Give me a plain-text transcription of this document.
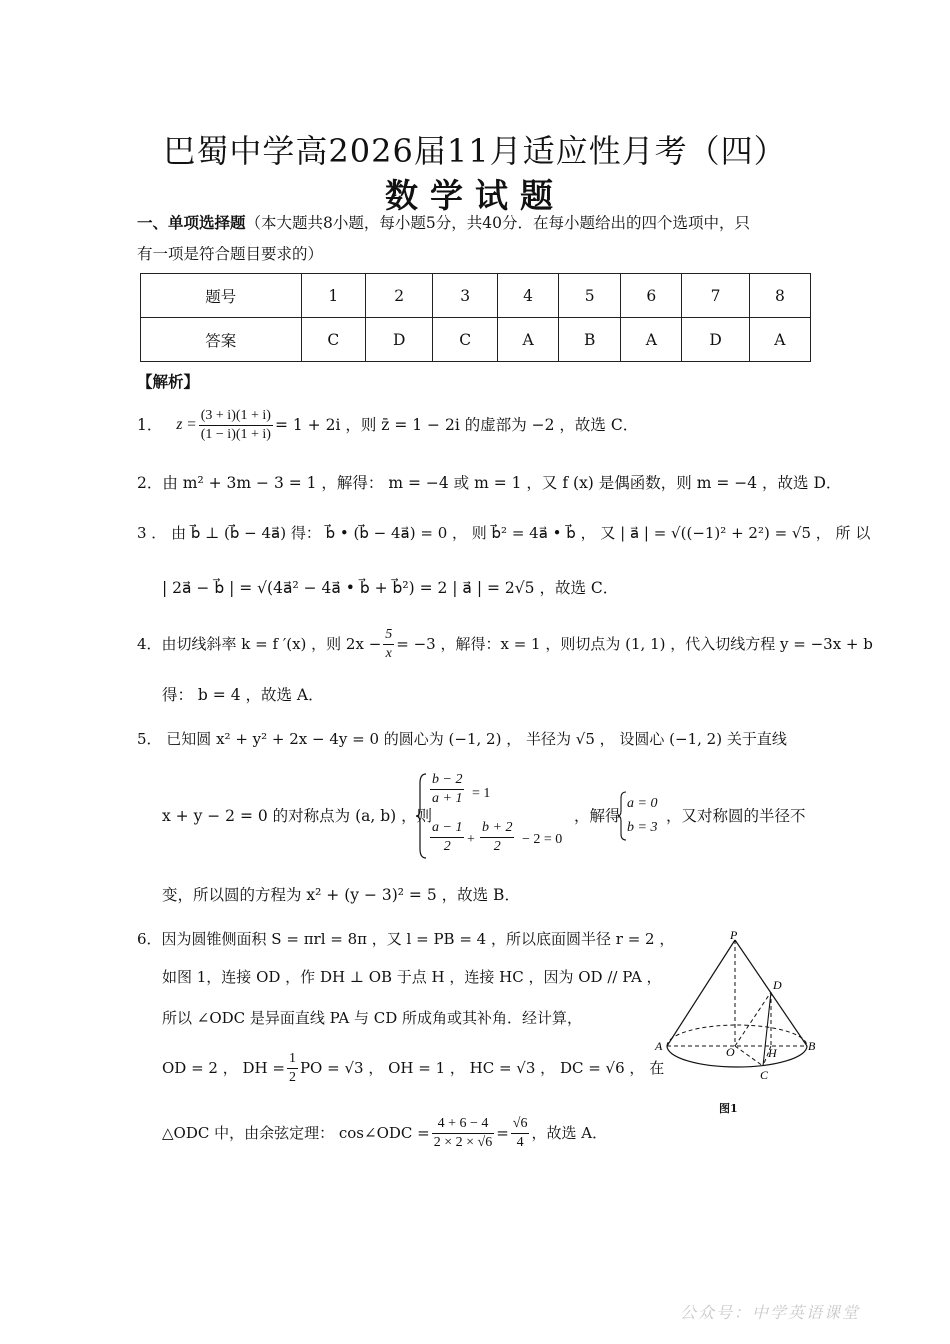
巴蜀中学高2026届11月适应性月考（四）
数学试题
一、单项选择题（本大题共8小题，每小题5分，共40分．在每小题给出的四个选项中，只
有一项是符合题目要求的）
题号	1	2	3	4	5	6	7	8
答案	C	D	C	A	B	A	D	A
【解析】
1． $z = \frac{(3 + i)(1 + i)}{(1 - i)(1 + i)} = 1 + 2i$ ，则 z̄ = 1 − 2i 的虚部为 −2 ，故选 C．
2．由 m² + 3m − 3 = 1 ，解得： m = −4 或 m = 1 ，又 f (x) 是偶函数，则 m = −4 ，故选 D．
3 ． 由 b⃗ ⊥ (b⃗ − 4a⃗) 得： b⃗ • (b⃗ − 4a⃗) = 0 ， 则 b⃗² = 4a⃗ • b⃗ ， 又 | a⃗ | = √((−1)² + 2²) = √5 ， 所 以
| 2a⃗ − b⃗ | = √(4a⃗² − 4a⃗ • b⃗ + b⃗²) = 2 | a⃗ | = 2√5 ，故选 C．
4．由切线斜率 k = f ′(x) ，则 $2x - \frac{5}{x} = -3$ ，解得：x = 1 ，则切点为 (1, 1) ，代入切线方程 y = −3x + b
得： b = 4 ，故选 A．
5． 已知圆 x² + y² + 2x − 4y = 0 的圆心为 (−1, 2) ， 半径为 √5 ， 设圆心 (−1, 2) 关于直线
x + y − 2 = 0 的对称点为 (a, b) ，则
$\frac{b - 2}{a + 1} = 1$
$\frac{a - 1}{2} + \frac{b + 2}{2} - 2 = 0$
，解得
a = 0
b = 3
，又对称圆的半径不
变，所以圆的方程为 x² + (y − 3)² = 5 ，故选 B．
6．因为圆锥侧面积 S = πrl = 8π ，又 l = PB = 4 ，所以底面圆半径 r = 2 ，
如图 1，连接 OD ，作 DH ⊥ OB 于点 H ，连接 HC ，因为 OD // PA ，
所以 ∠ODC 是异面直线 PA 与 CD 所成角或其补角．经计算，
OD = 2 ， DH = $\frac{1}{2}$ PO = √3 ， OH = 1 ， HC = √3 ， DC = √6 ， 在
△ODC 中，由余弦定理： cos∠ODC = $\frac{4 + 6 - 4}{2 \times 2 \times √6} = \frac{√6}{4}$ ，故选 A．
P
D
A	O	H	B
C
图1
公众号：中学英语课堂
